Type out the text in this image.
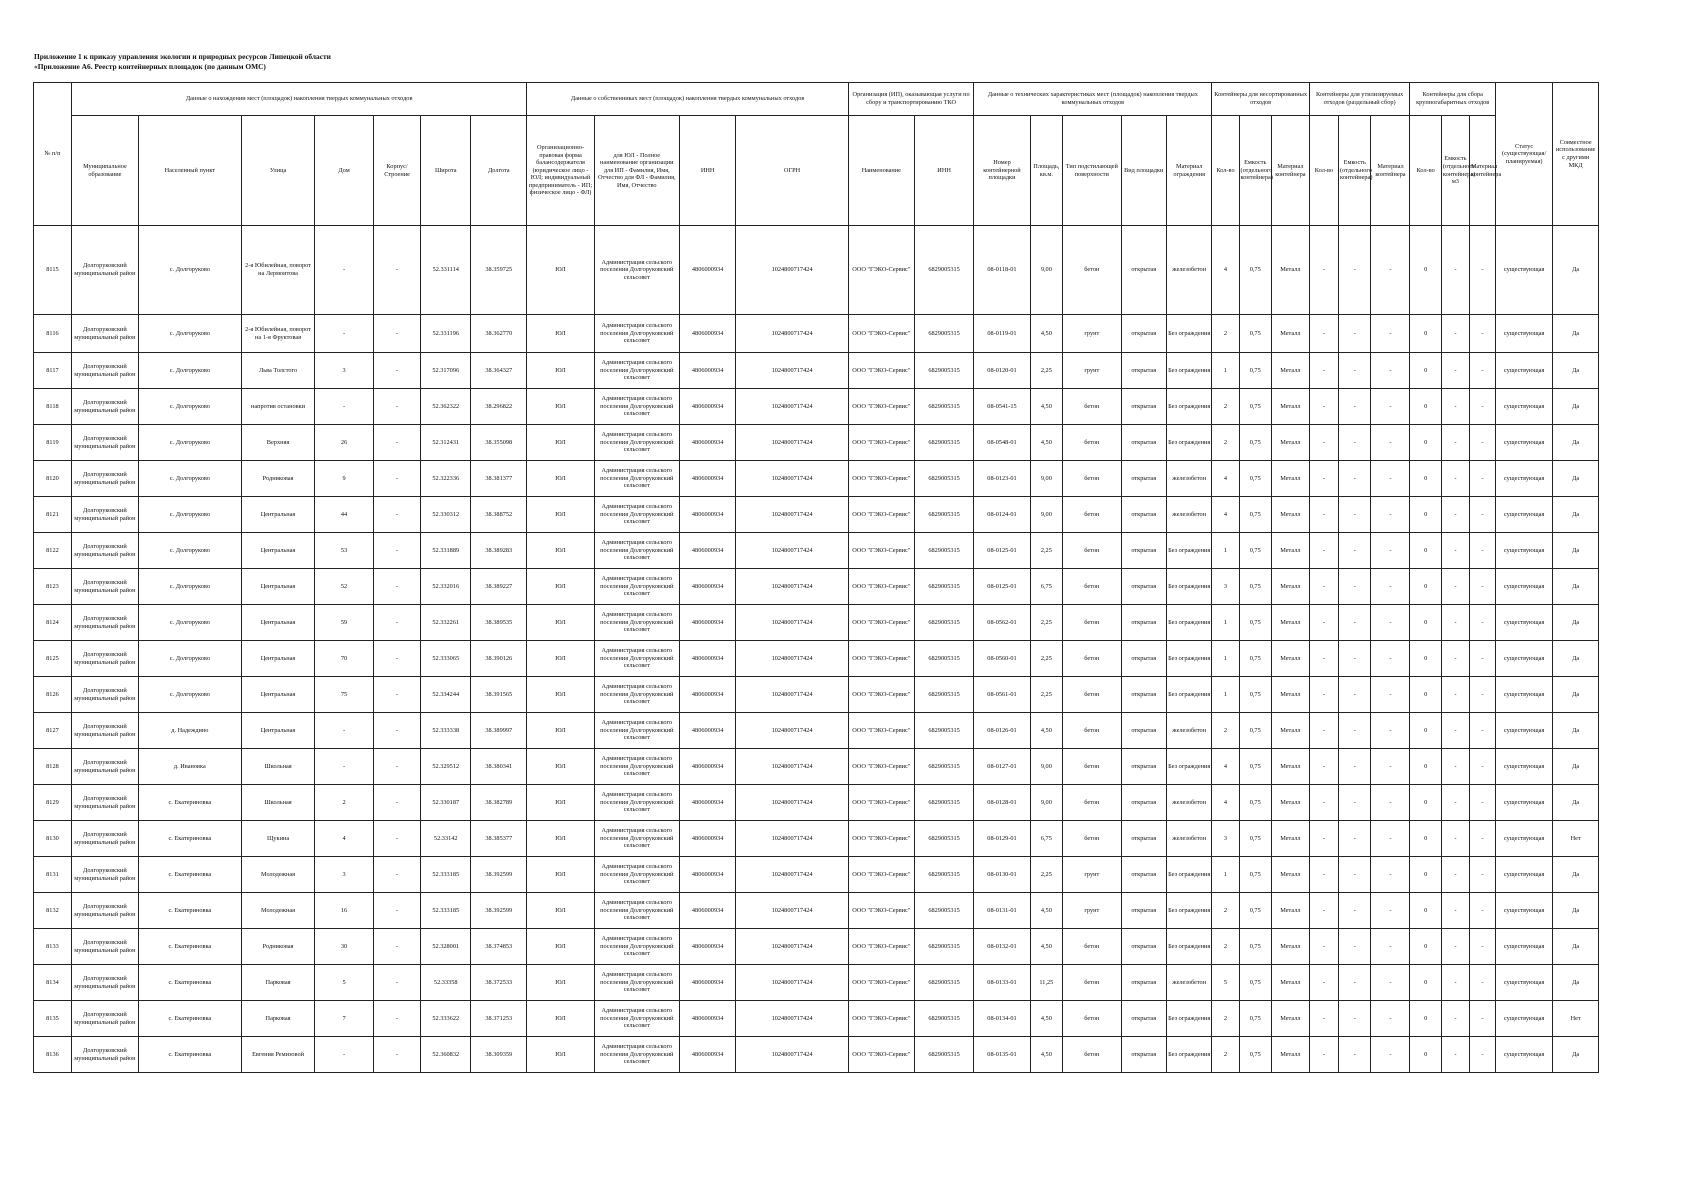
Приложение 1 к приказу управления экологии и природных ресурсов Липецкой области
«Приложение А6. Реестр контейнерных площадок (по данным ОМС)
№ п/п	Данные о нахождении мест (площадок) накопления твердых коммунальных отходов							Данные о собственниках мест (площадок) накопления твердых коммунальных отходов				Организация (ИП), оказывающая услуги по сбору и транспортированию ТКО		Данные о технических характеристиках мест (площадок) накопления твердых коммунальных отходов					Контейнеры для несортированных отходов			Контейнеры для утилизируемых отходов (раздельный сбор)			Контейнеры для сбора крупногабаритных отходов			Статус (существующая/ планируемая)	Совместное использование с другими МКД
	Муниципальное образование	Населенный пункт	Улица	Дом	Корпус/Строение	Широта	Долгота	Организационно-правовая форма балансодержателя (юридическое лицо - ЮЛ; индивидуальный предприниматель - ИП; физическое лицо - ФЛ)	для ЮЛ - Полное наименование организации для ИП - Фамилия, Имя, Отчество для ФЛ - Фамилия, Имя, Отчество	ИНН	ОГРН	Наименование	ИНН	Номер контейнерной площадки	Площадь, кв.м.	Тип подстилающей поверхности	Вид площадки	Материал ограждения	Кол-во	Емкость (отдельного контейнера)	Материал контейнера	Кол-во	Емкость (отдельного контейнера)	Материал контейнера	Кол-во	Емкость (отдельного контейнера) м3	Материал контейнера		
8115	Долгоруковский муниципальный район	с. Долгоруково	2-я Юбилейная, поворот на Лермонтова	-	-	52.331114	38.359725	ЮЛ	Администрация сельского поселения Долгоруковский сельсовет	4806000934	1024800717424	ООО "ГЭКО-Сервис"	6829005315	08-0118-01	9,00	бетон	открытая	железобетон	4	0,75	Металл	-	-	-	0	-	-	существующая	Да
8116	Долгоруковский муниципальный район	с. Долгоруково	2-я Юбилейная, поворот на 1-я Фруктовая	-	-	52.331196	38.362770	ЮЛ	Администрация сельского поселения Долгоруковский сельсовет	4806000934	1024800717424	ООО "ГЭКО-Сервис"	6829005315	08-0119-01	4,50	грунт	открытая	Без ограждения	2	0,75	Металл	-	-	-	0	-	-	существующая	Да
8117	Долгоруковский муниципальный район	с. Долгоруково	Льва Толстого	3	-	52.317096	38.364327	ЮЛ	Администрация сельского поселения Долгоруковский сельсовет	4806000934	1024800717424	ООО "ГЭКО-Сервис"	6829005315	08-0120-01	2,25	грунт	открытая	Без ограждения	1	0,75	Металл	-	-	-	0	-	-	существующая	Да
8118	Долгоруковский муниципальный район	с. Долгоруково	напротив остановки	-	-	52.362322	38.296822	ЮЛ	Администрация сельского поселения Долгоруковский сельсовет	4806000934	1024800717424	ООО "ГЭКО-Сервис"	6829005315	08-0541-15	4,50	бетон	открытая	Без ограждения	2	0,75	Металл	-	-	-	0	-	-	существующая	Да
8119	Долгоруковский муниципальный район	с. Долгоруково	Верхняя	26	-	52.312431	38.355098	ЮЛ	Администрация сельского поселения Долгоруковский сельсовет	4806000934	1024800717424	ООО "ГЭКО-Сервис"	6829005315	08-0548-01	4,50	бетон	открытая	Без ограждения	2	0,75	Металл	-	-	-	0	-	-	существующая	Да
8120	Долгоруковский муниципальный район	с. Долгоруково	Родниковая	9	-	52.322336	38.381377	ЮЛ	Администрация сельского поселения Долгоруковский сельсовет	4806000934	1024800717424	ООО "ГЭКО-Сервис"	6829005315	08-0123-01	9,00	бетон	открытая	железобетон	4	0,75	Металл	-	-	-	0	-	-	существующая	Да
8121	Долгоруковский муниципальный район	с. Долгоруково	Центральная	44	-	52.330312	38.388752	ЮЛ	Администрация сельского поселения Долгоруковский сельсовет	4806000934	1024800717424	ООО "ГЭКО-Сервис"	6829005315	08-0124-01	9,00	бетон	открытая	железобетон	4	0,75	Металл	-	-	-	0	-	-	существующая	Да
8122	Долгоруковский муниципальный район	с. Долгоруково	Центральная	53	-	52.331889	38.389283	ЮЛ	Администрация сельского поселения Долгоруковский сельсовет	4806000934	1024800717424	ООО "ГЭКО-Сервис"	6829005315	08-0125-01	2,25	бетон	открытая	Без ограждения	1	0,75	Металл	-	-	-	0	-	-	существующая	Да
8123	Долгоруковский муниципальный район	с. Долгоруково	Центральная	52	-	52.332016	38.389227	ЮЛ	Администрация сельского поселения Долгоруковский сельсовет	4806000934	1024800717424	ООО "ГЭКО-Сервис"	6829005315	08-0125-01	6,75	бетон	открытая	Без ограждения	3	0,75	Металл	-	-	-	0	-	-	существующая	Да
8124	Долгоруковский муниципальный район	с. Долгоруково	Центральная	59	-	52.332261	38.389535	ЮЛ	Администрация сельского поселения Долгоруковский сельсовет	4806000934	1024800717424	ООО "ГЭКО-Сервис"	6829005315	08-0562-01	2,25	бетон	открытая	Без ограждения	1	0,75	Металл	-	-	-	0	-	-	существующая	Да
8125	Долгоруковский муниципальный район	с. Долгоруково	Центральная	70	-	52.333065	38.390126	ЮЛ	Администрация сельского поселения Долгоруковский сельсовет	4806000934	1024800717424	ООО "ГЭКО-Сервис"	6829005315	08-0560-01	2,25	бетон	открытая	Без ограждения	1	0,75	Металл	-	-	-	0	-	-	существующая	Да
8126	Долгоруковский муниципальный район	с. Долгоруково	Центральная	75	-	52.334244	38.391565	ЮЛ	Администрация сельского поселения Долгоруковский сельсовет	4806000934	1024800717424	ООО "ГЭКО-Сервис"	6829005315	08-0561-01	2,25	бетон	открытая	Без ограждения	1	0,75	Металл	-	-	-	0	-	-	существующая	Да
8127	Долгоруковский муниципальный район	д. Надеждино	Центральная	-	-	52.333338	38.389997	ЮЛ	Администрация сельского поселения Долгоруковский сельсовет	4806000934	1024800717424	ООО "ГЭКО-Сервис"	6829005315	08-0126-01	4,50	бетон	открытая	железобетон	2	0,75	Металл	-	-	-	0	-	-	существующая	Да
8128	Долгоруковский муниципальный район	д. Ивановка	Школьная	-	-	52.329512	38.380341	ЮЛ	Администрация сельского поселения Долгоруковский сельсовет	4806000934	1024800717424	ООО "ГЭКО-Сервис"	6829005315	08-0127-01	9,00	бетон	открытая	Без ограждения	4	0,75	Металл	-	-	-	0	-	-	существующая	Да
8129	Долгоруковский муниципальный район	с. Екатериновка	Школьная	2	-	52.330187	38.382789	ЮЛ	Администрация сельского поселения Долгоруковский сельсовет	4806000934	1024800717424	ООО "ГЭКО-Сервис"	6829005315	08-0128-01	9,00	бетон	открытая	железобетон	4	0,75	Металл	-	-	-	0	-	-	существующая	Да
8130	Долгоруковский муниципальный район	с. Екатериновка	Щукина	4	-	52.33142	38.385377	ЮЛ	Администрация сельского поселения Долгоруковский сельсовет	4806000934	1024800717424	ООО "ГЭКО-Сервис"	6829005315	08-0129-01	6,75	бетон	открытая	железобетон	3	0,75	Металл	-	-	-	0	-	-	существующая	Нет
8131	Долгоруковский муниципальный район	с. Екатериновка	Молодежная	3	-	52.333185	38.392599	ЮЛ	Администрация сельского поселения Долгоруковский сельсовет	4806000934	1024800717424	ООО "ГЭКО-Сервис"	6829005315	08-0130-01	2,25	грунт	открытая	Без ограждения	1	0,75	Металл	-	-	-	0	-	-	существующая	Да
8132	Долгоруковский муниципальный район	с. Екатериновка	Молодежная	16	-	52.333185	38.392599	ЮЛ	Администрация сельского поселения Долгоруковский сельсовет	4806000934	1024800717424	ООО "ГЭКО-Сервис"	6829005315	08-0131-01	4,50	грунт	открытая	Без ограждения	2	0,75	Металл	-	-	-	0	-	-	существующая	Да
8133	Долгоруковский муниципальный район	с. Екатериновка	Родниковая	30	-	52.328001	38.374853	ЮЛ	Администрация сельского поселения Долгоруковский сельсовет	4806000934	1024800717424	ООО "ГЭКО-Сервис"	6829005315	08-0132-01	4,50	бетон	открытая	Без ограждения	2	0,75	Металл	-	-	-	0	-	-	существующая	Да
8134	Долгоруковский муниципальный район	с. Екатериновка	Парковая	5	-	52.33358	38.372533	ЮЛ	Администрация сельского поселения Долгоруковский сельсовет	4806000934	1024800717424	ООО "ГЭКО-Сервис"	6829005315	08-0133-01	11,25	бетон	открытая	железобетон	5	0,75	Металл	-	-	-	0	-	-	существующая	Да
8135	Долгоруковский муниципальный район	с. Екатериновка	Парковая	7	-	52.333622	38.371253	ЮЛ	Администрация сельского поселения Долгоруковский сельсовет	4806000934	1024800717424	ООО "ГЭКО-Сервис"	6829005315	08-0134-01	4,50	бетон	открытая	Без ограждения	2	0,75	Металл	-	-	-	0	-	-	существующая	Нет
8136	Долгоруковский муниципальный район	с. Екатериновка	Евгения Ремизовой	-	-	52.360832	38.309359	ЮЛ	Администрация сельского поселения Долгоруковский сельсовет	4806000934	1024800717424	ООО "ГЭКО-Сервис"	6829005315	08-0135-01	4,50	бетон	открытая	Без ограждения	2	0,75	Металл	-	-	-	0	-	-	существующая	Да
